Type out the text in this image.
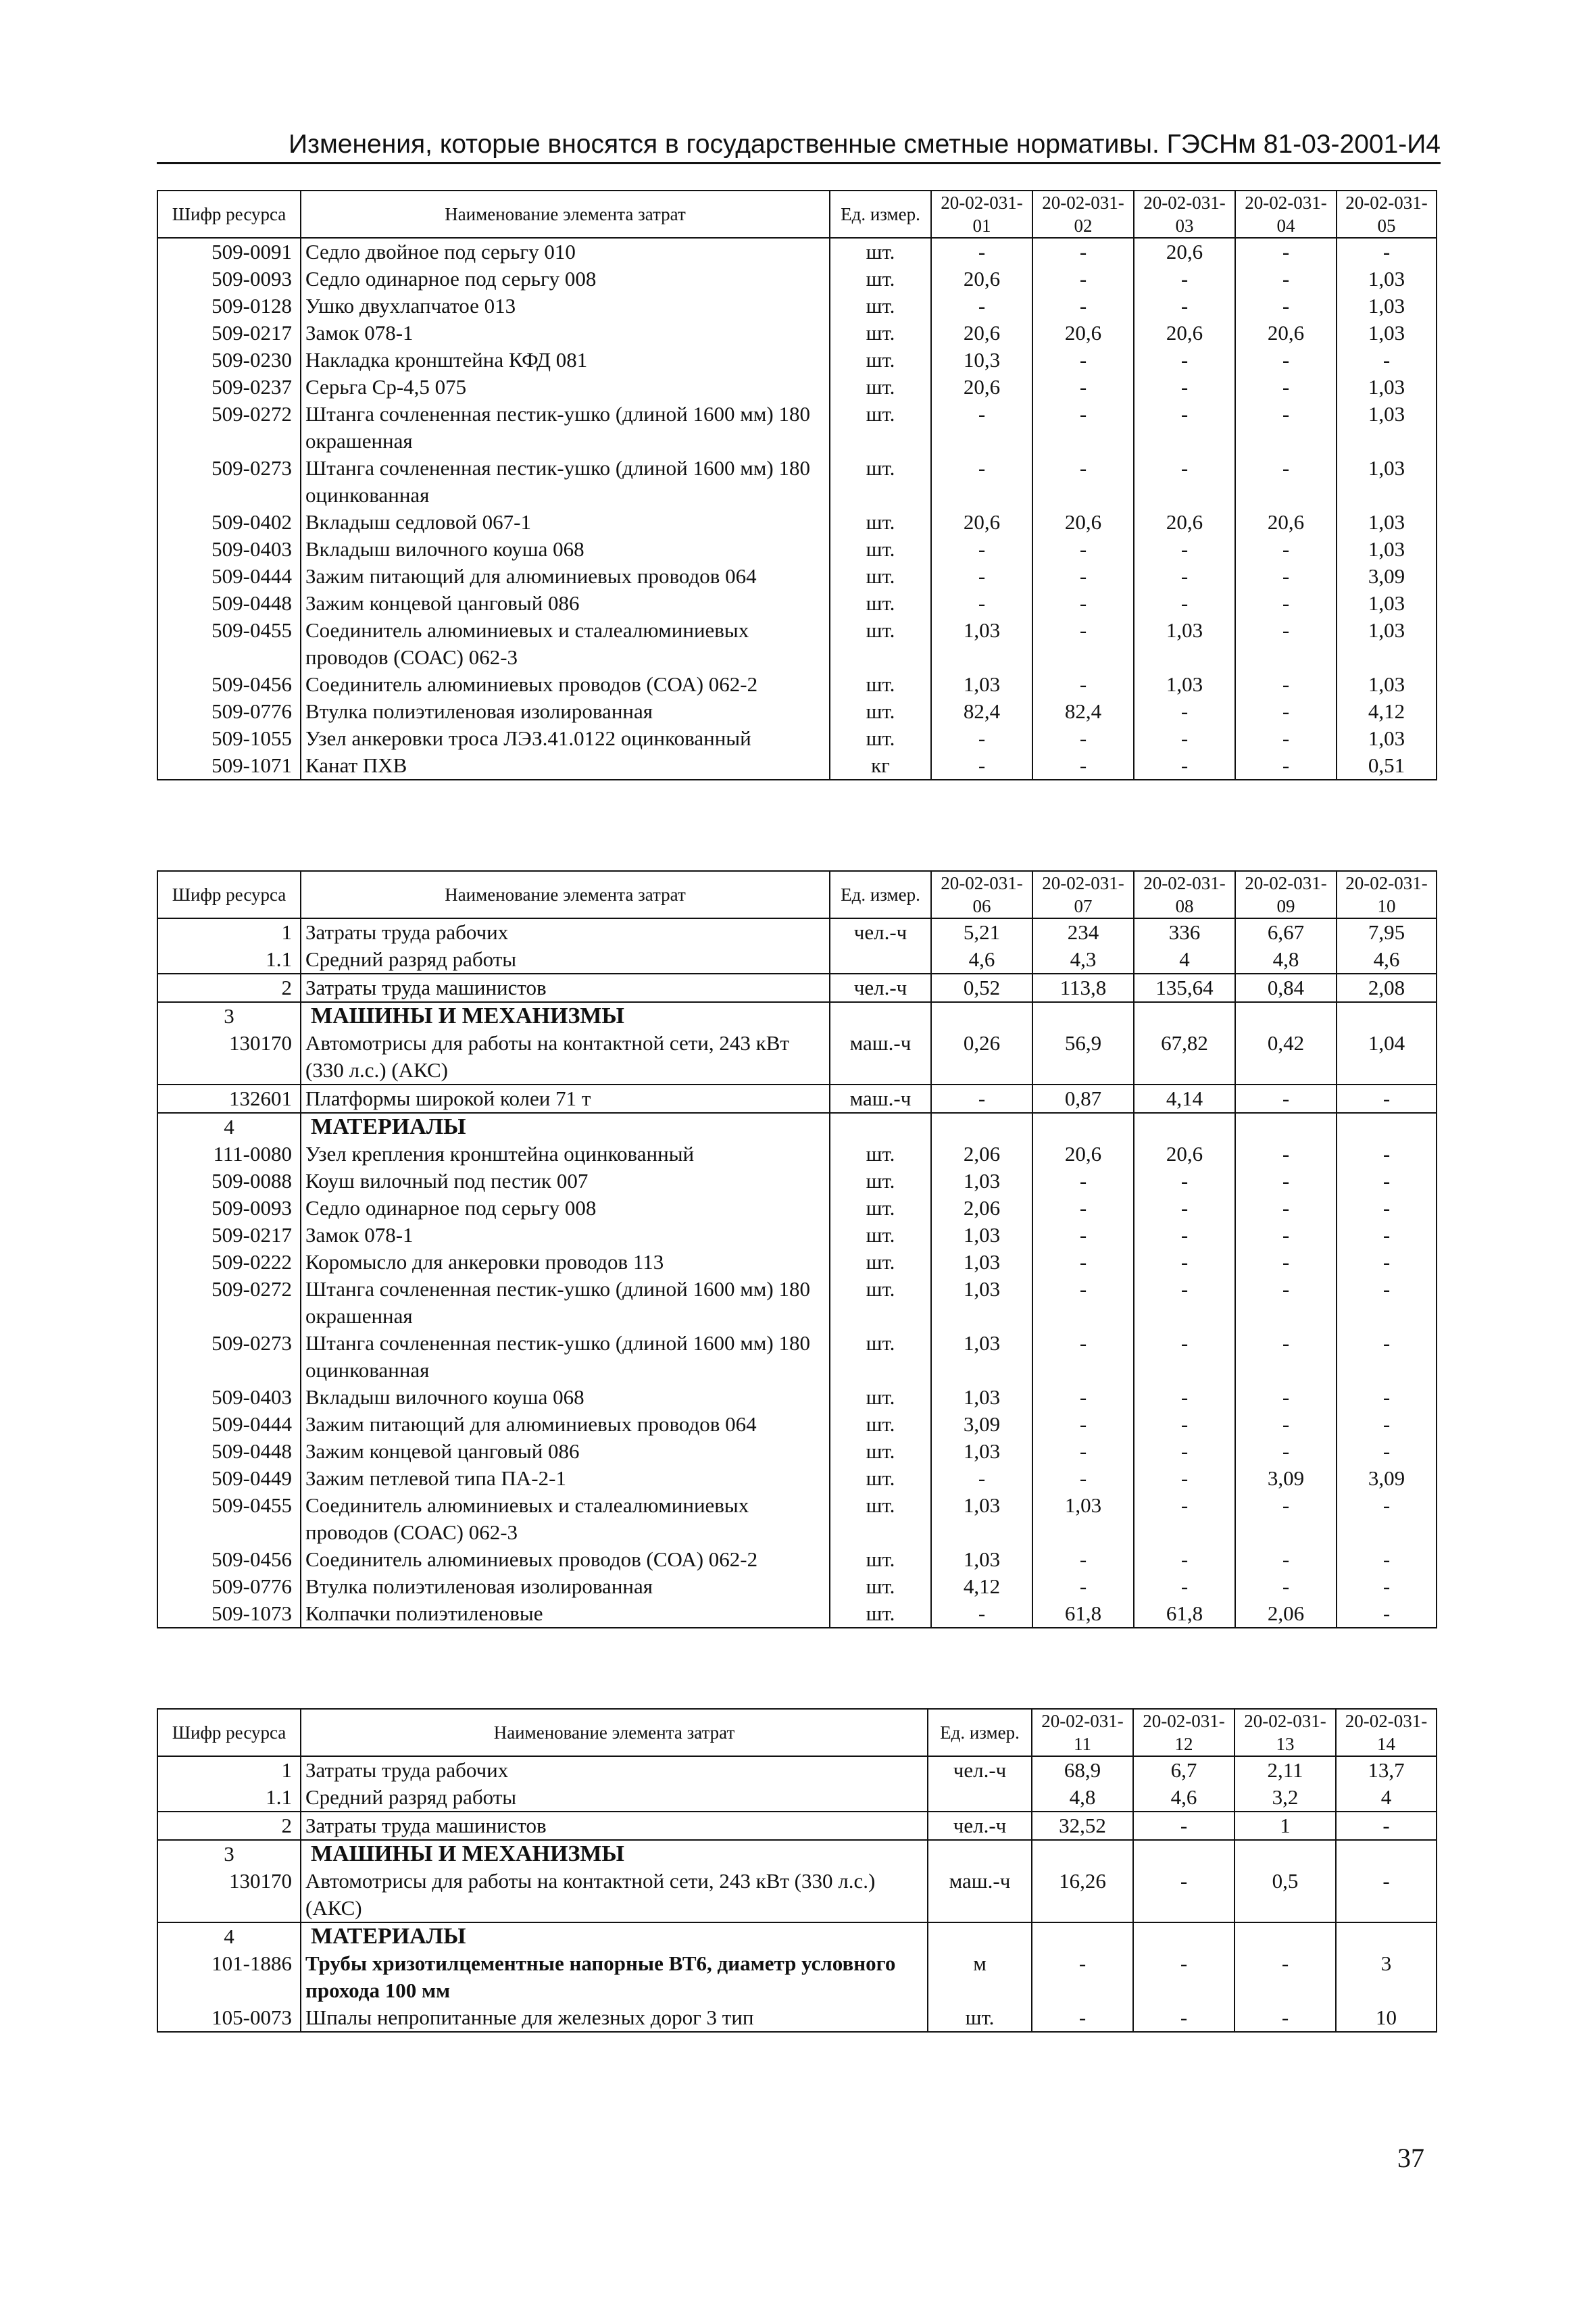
Изменения, которые вносятся в государственные сметные нормативы. ГЭСНм 81-03-2001-И4
Шифр ресурса	Наименование элемента затрат	Ед. измер.	20-02-031-01	20-02-031-02	20-02-031-03	20-02-031-04	20-02-031-05
509-0091	Седло двойное под серьгу 010	шт.	-	-	20,6	-	-
509-0093	Седло одинарное под серьгу 008	шт.	20,6	-	-	-	1,03
509-0128	Ушко двухлапчатое 013	шт.	-	-	-	-	1,03
509-0217	Замок 078-1	шт.	20,6	20,6	20,6	20,6	1,03
509-0230	Накладка кронштейна КФД 081	шт.	10,3	-	-	-	-
509-0237	Серьга Ср-4,5 075	шт.	20,6	-	-	-	1,03
509-0272	Штанга сочлененная пестик-ушко (длиной 1600 мм) 180 окрашенная	шт.	-	-	-	-	1,03
509-0273	Штанга сочлененная пестик-ушко (длиной 1600 мм) 180 оцинкованная	шт.	-	-	-	-	1,03
509-0402	Вкладыш седловой 067-1	шт.	20,6	20,6	20,6	20,6	1,03
509-0403	Вкладыш вилочного коуша 068	шт.	-	-	-	-	1,03
509-0444	Зажим питающий для алюминиевых проводов 064	шт.	-	-	-	-	3,09
509-0448	Зажим концевой цанговый 086	шт.	-	-	-	-	1,03
509-0455	Соединитель алюминиевых и сталеалюминиевых проводов (СОАС) 062-3	шт.	1,03	-	1,03	-	1,03
509-0456	Соединитель алюминиевых проводов (СОА) 062-2	шт.	1,03	-	1,03	-	1,03
509-0776	Втулка полиэтиленовая изолированная	шт.	82,4	82,4	-	-	4,12
509-1055	Узел анкеровки троса ЛЭЗ.41.0122 оцинкованный	шт.	-	-	-	-	1,03
509-1071	Канат ПХВ	кг	-	-	-	-	0,51
Шифр ресурса	Наименование элемента затрат	Ед. измер.	20-02-031-06	20-02-031-07	20-02-031-08	20-02-031-09	20-02-031-10
1	Затраты труда рабочих	чел.-ч	5,21	234	336	6,67	7,95
1.1	Средний разряд работы		4,6	4,3	4	4,8	4,6
2	Затраты труда машинистов	чел.-ч	0,52	113,8	135,64	0,84	2,08
3	МАШИНЫ И МЕХАНИЗМЫ						
130170	Автомотрисы для работы на контактной сети, 243 кВт (330 л.с.) (АКС)	маш.-ч	0,26	56,9	67,82	0,42	1,04
132601	Платформы широкой колеи 71 т	маш.-ч	-	0,87	4,14	-	-
4	МАТЕРИАЛЫ						
111-0080	Узел крепления кронштейна оцинкованный	шт.	2,06	20,6	20,6	-	-
509-0088	Коуш вилочный под пестик 007	шт.	1,03	-	-	-	-
509-0093	Седло одинарное под серьгу 008	шт.	2,06	-	-	-	-
509-0217	Замок 078-1	шт.	1,03	-	-	-	-
509-0222	Коромысло для анкеровки проводов 113	шт.	1,03	-	-	-	-
509-0272	Штанга сочлененная пестик-ушко (длиной 1600 мм) 180 окрашенная	шт.	1,03	-	-	-	-
509-0273	Штанга сочлененная пестик-ушко (длиной 1600 мм) 180 оцинкованная	шт.	1,03	-	-	-	-
509-0403	Вкладыш вилочного коуша 068	шт.	1,03	-	-	-	-
509-0444	Зажим питающий для алюминиевых проводов 064	шт.	3,09	-	-	-	-
509-0448	Зажим концевой цанговый 086	шт.	1,03	-	-	-	-
509-0449	Зажим петлевой типа ПА-2-1	шт.	-	-	-	3,09	3,09
509-0455	Соединитель алюминиевых и сталеалюминиевых проводов (СОАС) 062-3	шт.	1,03	1,03	-	-	-
509-0456	Соединитель алюминиевых проводов (СОА) 062-2	шт.	1,03	-	-	-	-
509-0776	Втулка полиэтиленовая изолированная	шт.	4,12	-	-	-	-
509-1073	Колпачки полиэтиленовые	шт.	-	61,8	61,8	2,06	-
Шифр ресурса	Наименование элемента затрат	Ед. измер.	20-02-031-11	20-02-031-12	20-02-031-13	20-02-031-14
1	Затраты труда рабочих	чел.-ч	68,9	6,7	2,11	13,7
1.1	Средний разряд работы		4,8	4,6	3,2	4
2	Затраты труда машинистов	чел.-ч	32,52	-	1	-
3	МАШИНЫ И МЕХАНИЗМЫ					
130170	Автомотрисы для работы на контактной сети, 243 кВт (330 л.с.) (АКС)	маш.-ч	16,26	-	0,5	-
4	МАТЕРИАЛЫ					
101-1886	Трубы хризотилцементные напорные ВТ6, диаметр условного прохода 100 мм	м	-	-	-	3
105-0073	Шпалы непропитанные для железных дорог 3 тип	шт.	-	-	-	10
37
